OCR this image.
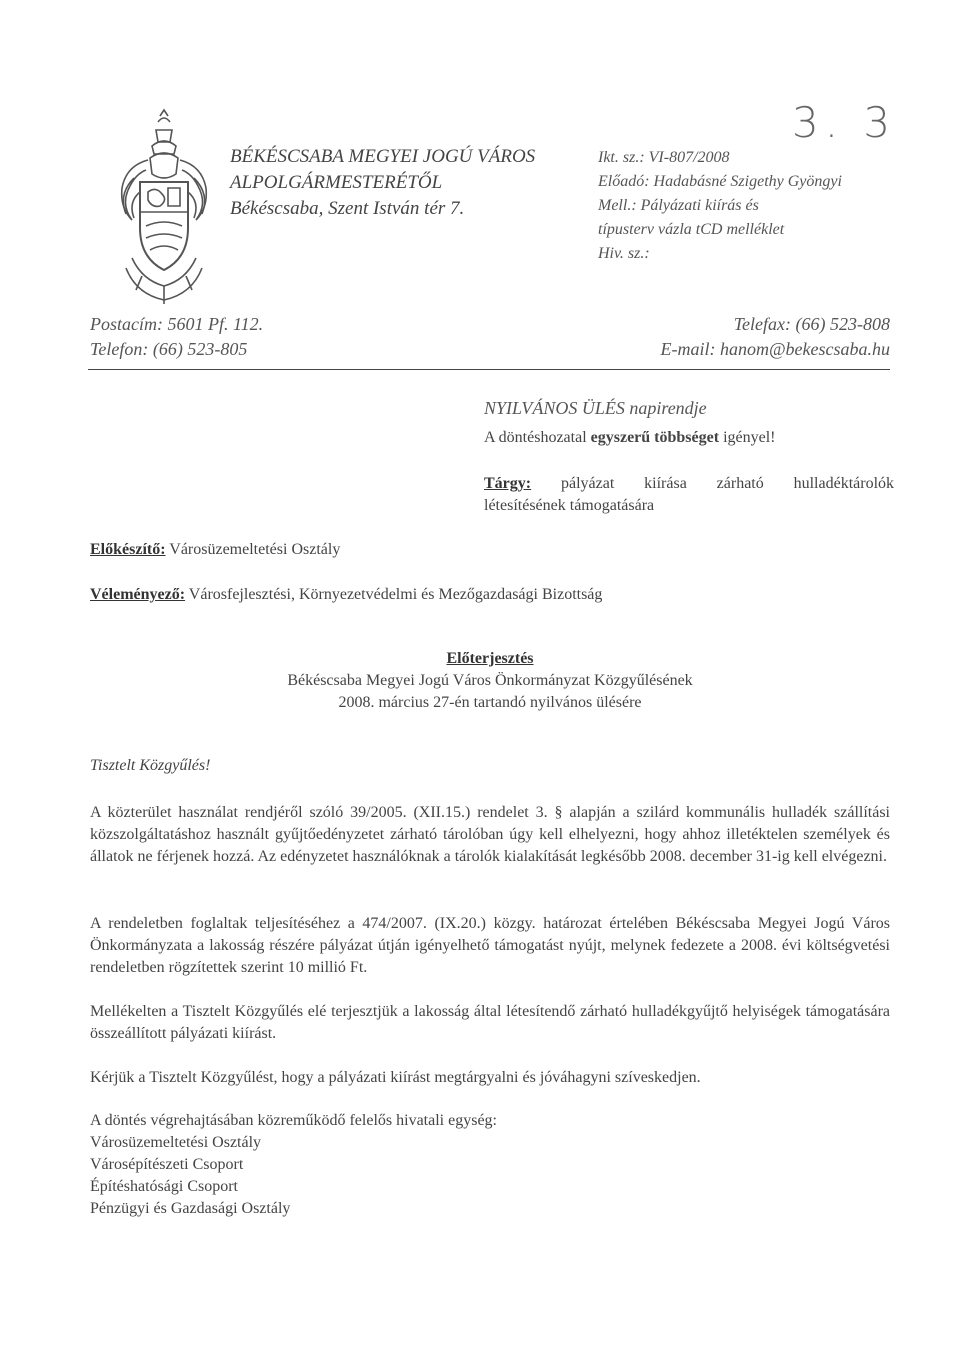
3. 3
BÉKÉSCSABA MEGYEI JOGÚ VÁROS
ALPOLGÁRMESTERÉTŐL
Békéscsaba, Szent István tér 7.
Ikt. sz.: VI-807/2008
Előadó: Hadabásné Szigethy Gyöngyi
Mell.: Pályázati kiírás és
típusterv vázla tCD melléklet
Hiv. sz.:
Postacím: 5601 Pf. 112.
Telefon: (66) 523-805
Telefax: (66) 523-808
E-mail: hanom@bekescsaba.hu
NYILVÁNOS ÜLÉS napirendje
A döntéshozatal egyszerű többséget igényel!
Tárgy: pályázat kiírása zárható hulladéktárolók
létesítésének támogatására
Előkészítő: Városüzemeltetési Osztály
Véleményező: Városfejlesztési, Környezetvédelmi és Mezőgazdasági Bizottság
Előterjesztés
Békéscsaba Megyei Jogú Város Önkormányzat Közgyűlésének
2008. március 27-én tartandó nyilvános ülésére
Tisztelt Közgyűlés!
A közterület használat rendjéről szóló 39/2005. (XII.15.) rendelet 3. § alapján a szilárd kommunális hulladék szállítási közszolgáltatáshoz használt gyűjtőedényzetet zárható tárolóban úgy kell elhelyezni, hogy ahhoz illetéktelen személyek és állatok ne férjenek hozzá. Az edényzetet használóknak a tárolók kialakítását legkésőbb 2008. december 31-ig kell elvégezni.
A rendeletben foglaltak teljesítéséhez a 474/2007. (IX.20.) közgy. határozat értelében Békéscsaba Megyei Jogú Város Önkormányzata a lakosság részére pályázat útján igényelhető támogatást nyújt, melynek fedezete a 2008. évi költségvetési rendeletben rögzítettek szerint 10 millió Ft.
Mellékelten a Tisztelt Közgyűlés elé terjesztjük a lakosság által létesítendő zárható hulladékgyűjtő helyiségek támogatására összeállított pályázati kiírást.
Kérjük a Tisztelt Közgyűlést, hogy a pályázati kiírást megtárgyalni és jóváhagyni szíveskedjen.
A döntés végrehajtásában közreműködő felelős hivatali egység:
Városüzemeltetési Osztály
Városépítészeti Csoport
Építéshatósági Csoport
Pénzügyi és Gazdasági Osztály
